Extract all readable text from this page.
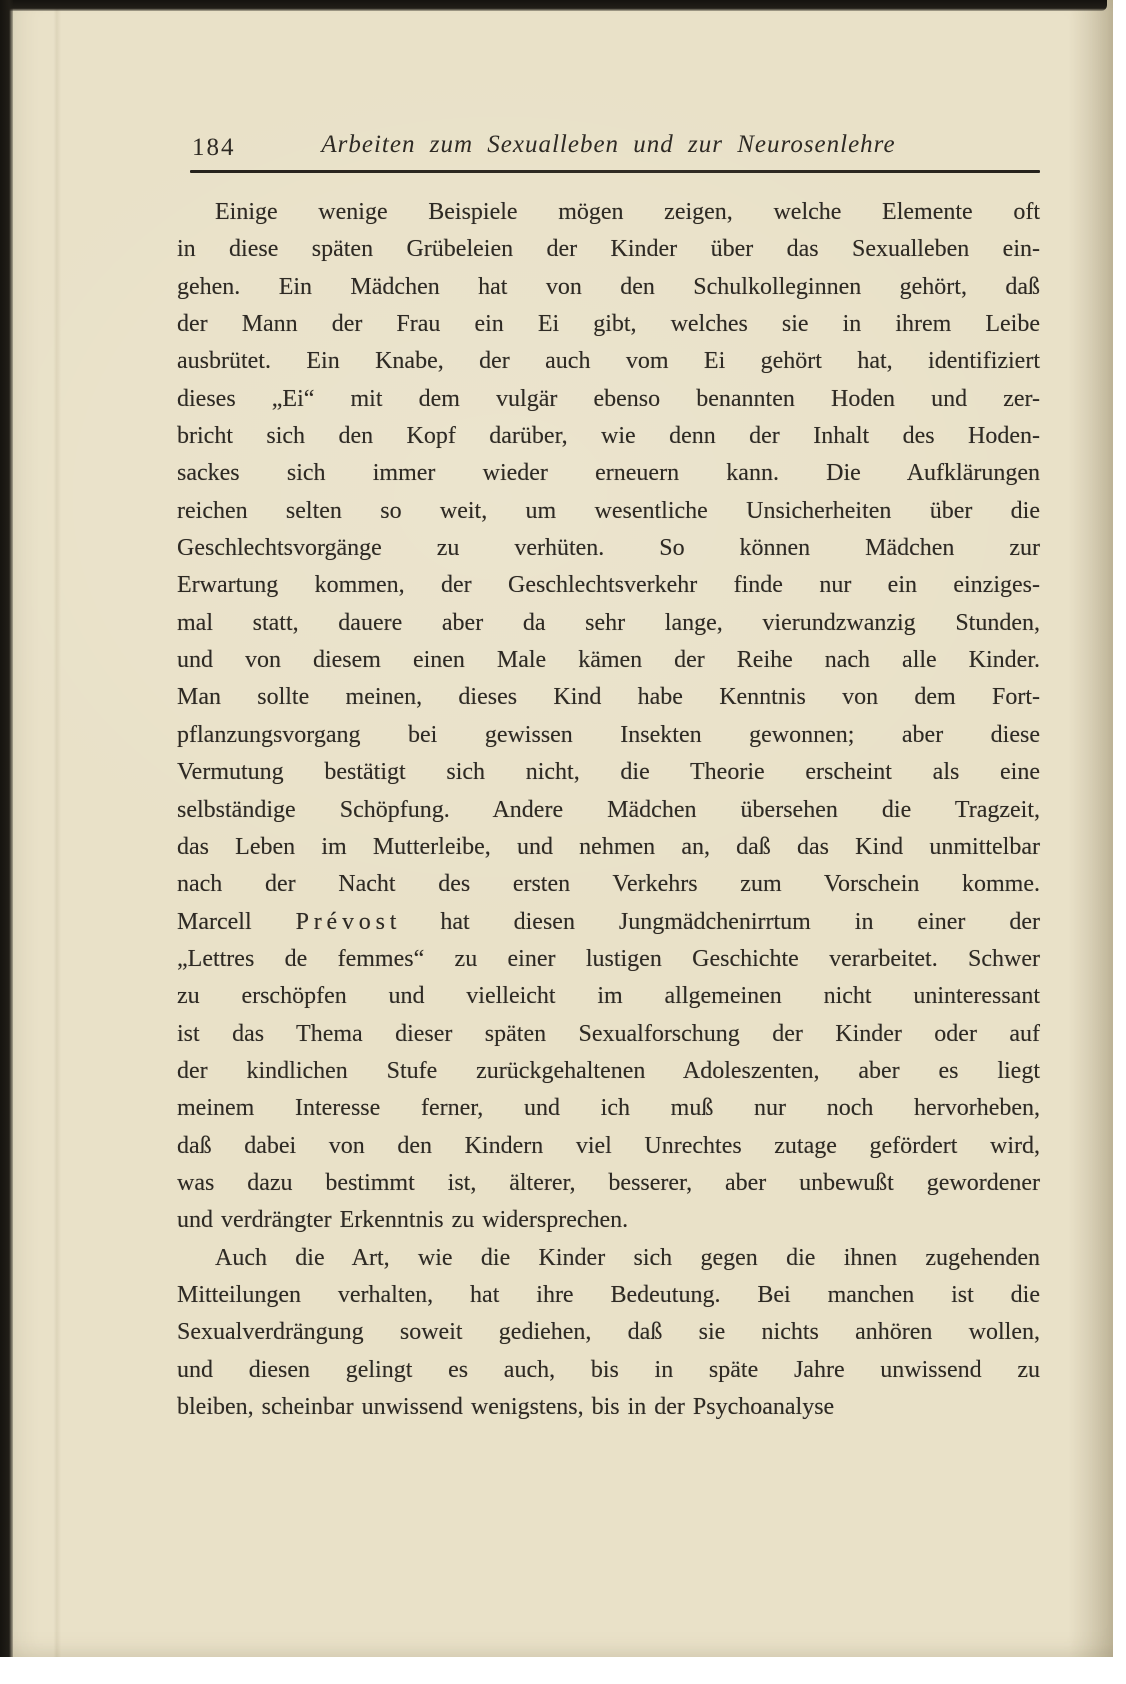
184	Arbeiten zum Sexualleben und zur Neurosenlehre
Einige wenige Beispiele mögen zeigen, welche Elemente oft
in diese späten Grübeleien der Kinder über das Sexualleben ein-
gehen. Ein Mädchen hat von den Schulkolleginnen gehört, daß
der Mann der Frau ein Ei gibt, welches sie in ihrem Leibe
ausbrütet. Ein Knabe, der auch vom Ei gehört hat, identifiziert
dieses „Ei“ mit dem vulgär ebenso benannten Hoden und zer-
bricht sich den Kopf darüber, wie denn der Inhalt des Hoden-
sackes sich immer wieder erneuern kann. Die Aufklärungen
reichen selten so weit, um wesentliche Unsicherheiten über die
Geschlechtsvorgänge zu verhüten. So können Mädchen zur
Erwartung kommen, der Geschlechtsverkehr finde nur ein einziges-
mal statt, dauere aber da sehr lange, vierundzwanzig Stunden,
und von diesem einen Male kämen der Reihe nach alle Kinder.
Man sollte meinen, dieses Kind habe Kenntnis von dem Fort-
pflanzungsvorgang bei gewissen Insekten gewonnen; aber diese
Vermutung bestätigt sich nicht, die Theorie erscheint als eine
selbständige Schöpfung. Andere Mädchen übersehen die Tragzeit,
das Leben im Mutterleibe, und nehmen an, daß das Kind unmittelbar
nach der Nacht des ersten Verkehrs zum Vorschein komme.
Marcell P r é v o s t hat diesen Jungmädchenirrtum in einer der
„Lettres de femmes“ zu einer lustigen Geschichte verarbeitet. Schwer
zu erschöpfen und vielleicht im allgemeinen nicht uninteressant
ist das Thema dieser späten Sexualforschung der Kinder oder auf
der kindlichen Stufe zurückgehaltenen Adoleszenten, aber es liegt
meinem Interesse ferner, und ich muß nur noch hervorheben,
daß dabei von den Kindern viel Unrechtes zutage gefördert wird,
was dazu bestimmt ist, älterer, besserer, aber unbewußt gewordener
und verdrängter Erkenntnis zu widersprechen.
Auch die Art, wie die Kinder sich gegen die ihnen zugehenden
Mitteilungen verhalten, hat ihre Bedeutung. Bei manchen ist die
Sexualverdrängung soweit gediehen, daß sie nichts anhören wollen,
und diesen gelingt es auch, bis in späte Jahre unwissend zu
bleiben, scheinbar unwissend wenigstens, bis in der Psychoanalyse
